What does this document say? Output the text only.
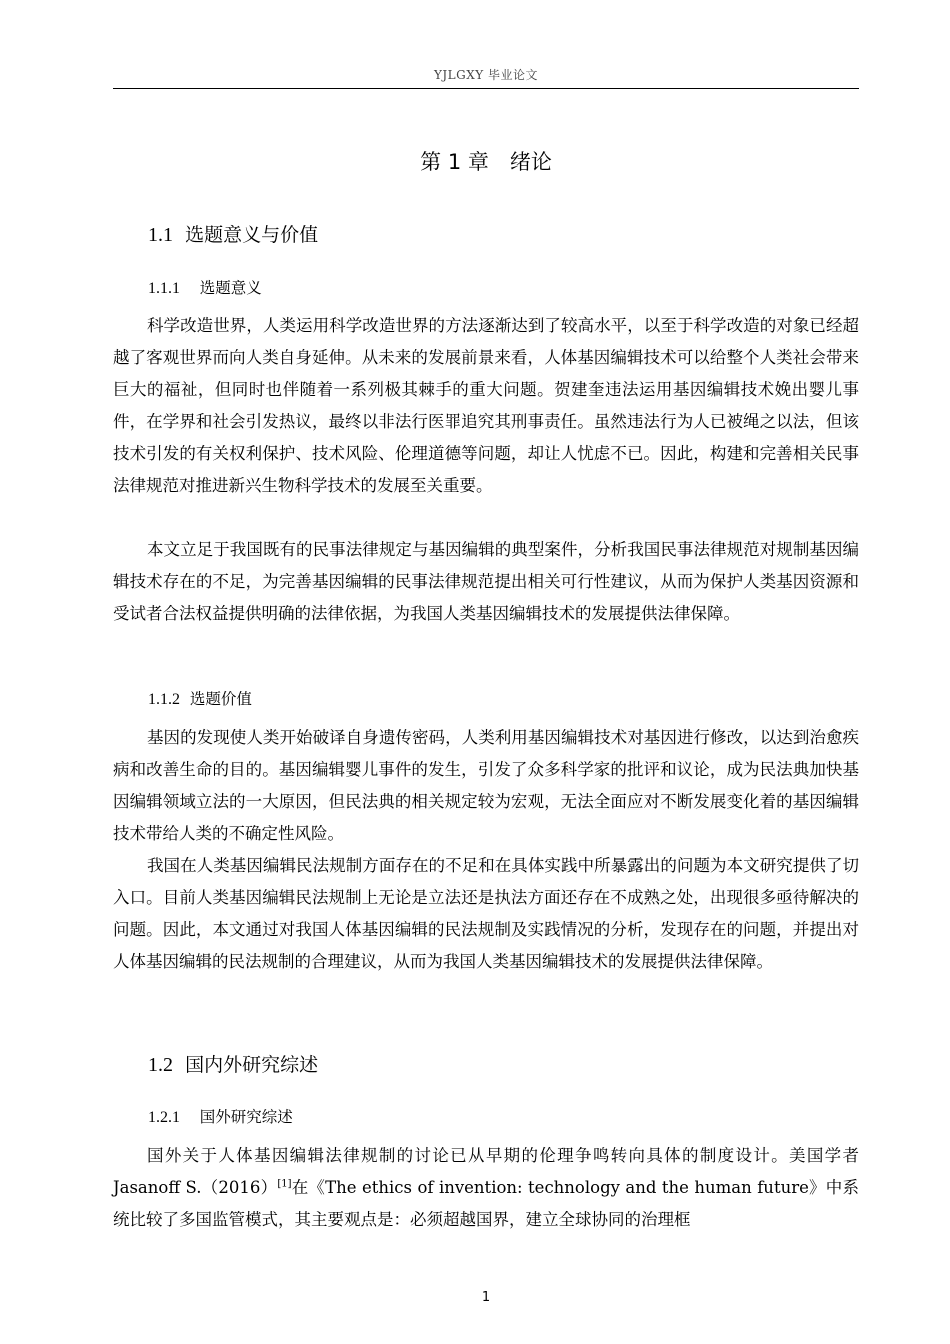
YJLGXY 毕业论文
第 1 章　绪论
1.1 选题意义与价值
1.1.1 选题意义

科学改造世界，人类运用科学改造世界的方法逐渐达到了较高水平，以至于科学改造的对象已经超越了客观世界而向人类自身延伸。从未来的发展前景来看，人体基因编辑技术可以给整个人类社会带来巨大的福祉，但同时也伴随着一系列极其棘手的重大问题。贺建奎违法运用基因编辑技术娩出婴儿事件，在学界和社会引发热议，最终以非法行医罪追究其刑事责任。虽然违法行为人已被绳之以法，但该技术引发的有关权利保护、技术风险、伦理道德等问题，却让人忧虑不已。因此，构建和完善相关民事法律规范对推进新兴生物科学技术的发展至关重要。

本文立足于我国既有的民事法律规定与基因编辑的典型案件，分析我国民事法律规范对规制基因编辑技术存在的不足，为完善基因编辑的民事法律规范提出相关可行性建议，从而为保护人类基因资源和受试者合法权益提供明确的法律依据，为我国人类基因编辑技术的发展提供法律保障。

1.1.2 选题价值

基因的发现使人类开始破译自身遗传密码，人类利用基因编辑技术对基因进行修改，以达到治愈疾病和改善生命的目的。基因编辑婴儿事件的发生，引发了众多科学家的批评和议论，成为民法典加快基因编辑领域立法的一大原因，但民法典的相关规定较为宏观，无法全面应对不断发展变化着的基因编辑技术带给人类的不确定性风险。

我国在人类基因编辑民法规制方面存在的不足和在具体实践中所暴露出的问题为本文研究提供了切入口。目前人类基因编辑民法规制上无论是立法还是执法方面还存在不成熟之处，出现很多亟待解决的问题。因此，本文通过对我国人体基因编辑的民法规制及实践情况的分析，发现存在的问题，并提出对人体基因编辑的民法规制的合理建议，从而为我国人类基因编辑技术的发展提供法律保障。

1.2 国内外研究综述
1.2.1 国外研究综述

国外关于人体基因编辑法律规制的讨论已从早期的伦理争鸣转向具体的制度设计。美国学者 Jasanoff S.（2016）[1]在《The ethics of invention: technology and the human future》中系统比较了多国监管模式，其主要观点是：必须超越国界，建立全球协同的治理框

1
